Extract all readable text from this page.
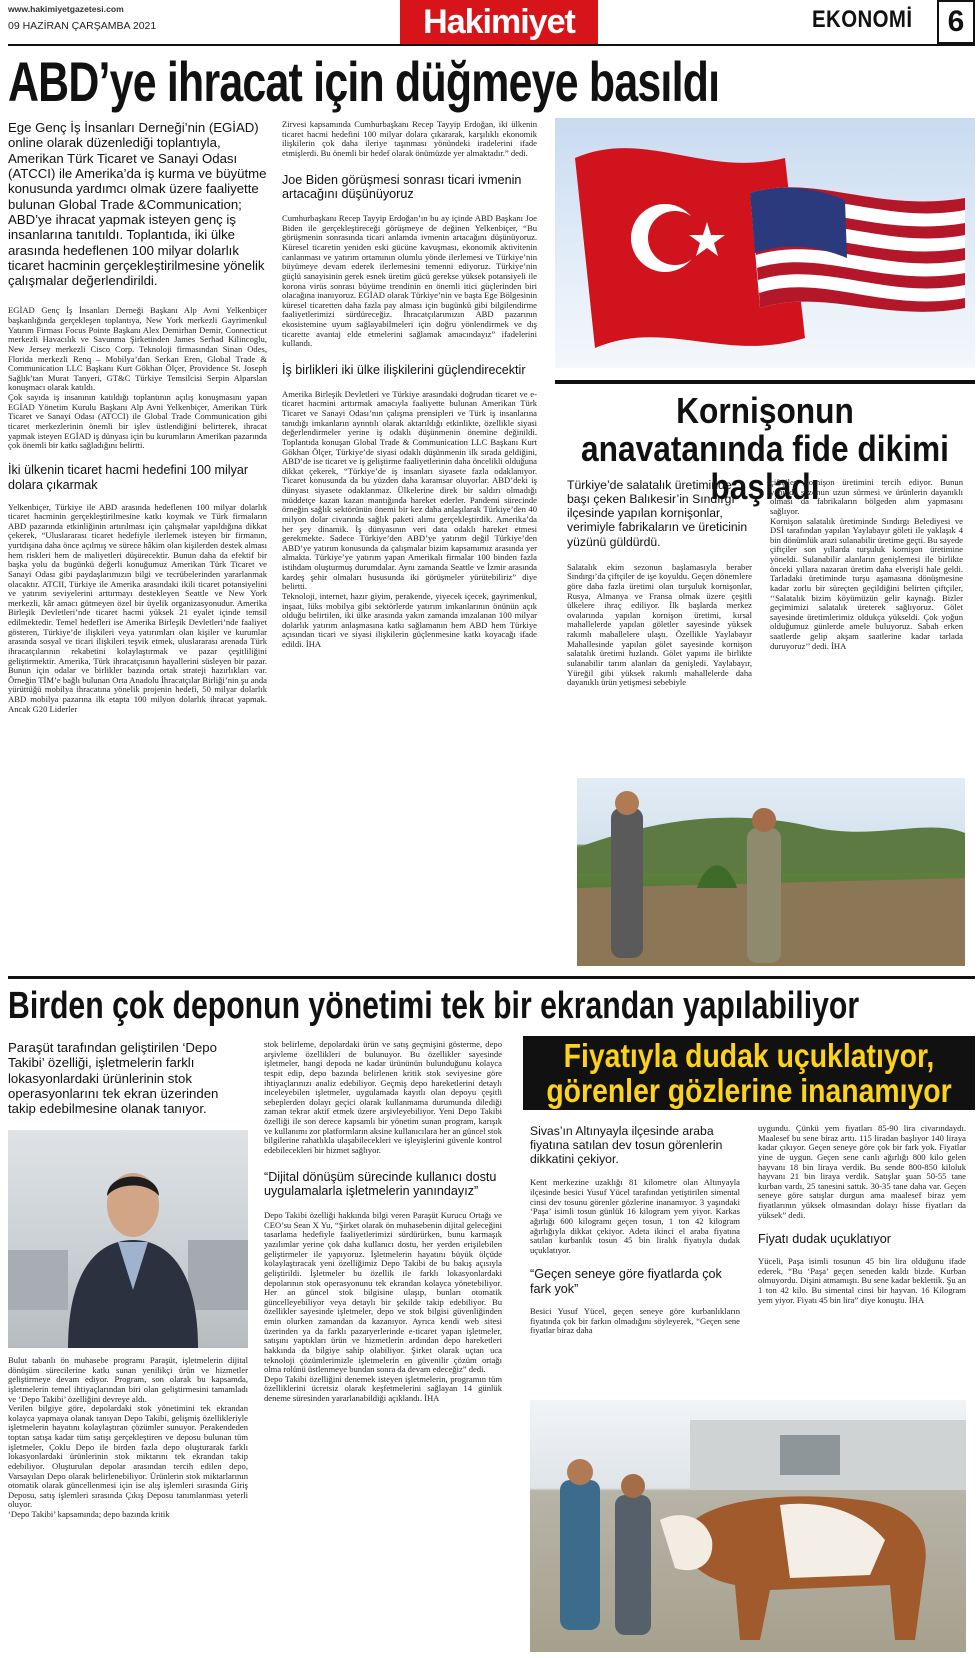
www.hakimiyetgazetesi.com
09 HAZİRAN ÇARŞAMBA 2021	Hakimiyet	EKONOMİ	6
ABD’ye ihracat için düğmeye basıldı

Ege Genç İş İnsanları Derneği’nin (EGİAD) online olarak düzenlediği toplantıyla, Amerikan Türk Ticaret ve Sanayi Odası (ATCCI) ile Amerika’da iş kurma ve büyütme konusunda yardımcı olmak üzere faaliyette bulunan Global Trade &Communication; ABD’ye ihracat yapmak isteyen genç iş insanlarına tanıtıldı. Toplantıda, iki ülke arasında hedeflenen 100 milyar dolarlık ticaret hacminin gerçekleştirilmesine yönelik çalışmalar değerlendirildi.

EGİAD Genç İş İnsanları Derneği Başkanı Alp Avni Yelkenbiçer başkanlığında gerçekleşen toplantıya, New York merkezli Gayrimenkul Yatırım Firması Focus Pointe Başkanı Alex Demirhan Demir, Connecticut merkezli Havacılık ve Savunma Şirketinden James Serhad Kilincoglu, New Jersey merkezli Cisco Corp. Teknoloji firmasından Sinan Odes, Florida merkezli Renq – Mobilya’dan Serkan Eren, Global Trade & Communication LLC Başkanı Kurt Gökhan Ölçer, Providence St. Joseph Sağlık’tan Murat Tanyeri, GT&C Türkiye Temsilcisi Serpin Alparslan konuşmacı olarak katıldı.

Çok sayıda iş insanının katıldığı toplantının açılış konuşmasını yapan EGİAD Yönetim Kurulu Başkanı Alp Avni Yelkenbiçer, Amerikan Türk Ticaret ve Sanayi Odası (ATCCI) ile Global Trade Communication gibi ticaret merkezlerinin önemli bir işlev üstlendiğini belirterek, ihracat yapmak isteyen EGİAD iş dünyası için bu kurumların Amerikan pazarında çok önemli bir katkı sağladığını belirtti.

İki ülkenin ticaret hacmi hedefini 100 milyar dolara çıkarmak

Yelkenbiçer, Türkiye ile ABD arasında hedeflenen 100 milyar dolarlık ticaret hacminin gerçekleştirilmesine katkı koymak ve Türk firmaların ABD pazarında etkinliğinin artırılması için çalışmalar yapıldığına dikkat çekerek, “Uluslararası ticaret hedefiyle ilerlemek isteyen bir firmanın, yurtdışına daha önce açılmış ve sürece hâkim olan kişilerden destek alması hem riskleri hem de maliyetleri düşürecektir. Bunun daha da efektif bir başka yolu da bugünkü değerli konuğumuz Amerikan Türk Ticaret ve Sanayi Odası gibi paydaşlarımızın bilgi ve tecrübelerinden yararlanmak olacaktır. ATCII, Türkiye ile Amerika arasındaki ikili ticaret potansiyelini ve yatırım seviyelerini arttırmayı destekleyen Seattle ve New York merkezli, kâr amacı gütmeyen özel bir üyelik organizasyonudur. Amerika Birleşik Devletleri’nde ticaret hacmi yüksek 21 eyalet içinde temsil edilmektedir. Temel hedefleri ise Amerika Birleşik Devletleri’nde faaliyet gösteren, Türkiye’de ilişkileri veya yatırımları olan kişiler ve kurumlar arasında sosyal ve ticari ilişkileri teşvik etmek, uluslararası arenada Türk ihracatçılarının rekabetini kolaylaştırmak ve pazar çeşitliliğini geliştirmektir. Amerika, Türk ihracatçısının hayallerini süsleyen bir pazar. Bunun için odalar ve birlikler bazında ortak strateji hazırlıkları var. Örneğin TİM’e bağlı bulunan Orta Anadolu İhracatçılar Birliği’nin şu anda yürüttüğü mobilya ihracatına yönelik projenin hedefi, 50 milyar dolarlık ABD mobilya pazarına ilk etapta 100 milyon dolarlık ihracat yapmak. Ancak G20 Liderler

Zirvesi kapsamında Cumhurbaşkanı Recep Tayyip Erdoğan, iki ülkenin ticaret hacmi hedefini 100 milyar dolara çıkararak, karşılıklı ekonomik ilişkilerin çok daha ileriye taşınması yönündeki iradelerini ifade etmişlerdi. Bu önemli bir hedef olarak önümüzde yer almaktadır.” dedi.

Joe Biden görüşmesi sonrası ticari ivmenin artacağını düşünüyoruz

Cumhurbaşkanı Recep Tayyip Erdoğan’ın bu ay içinde ABD Başkanı Joe Biden ile gerçekleştireceği görüşmeye de değinen Yelkenbiçer, “Bu görüşmenin sonrasında ticari anlamda ivmenin artacağını düşünüyoruz. Küresel ticaretin yeniden eski gücüne kavuşması, ekonomik aktivitenin canlanması ve yatırım ortamının olumlu yönde ilerlemesi ve Türkiye’nin büyümeye devam ederek ilerlemesini temenni ediyoruz. Türkiye’nin güçlü sanayisinin gerek esnek üretim gücü gerekse yüksek potansiyeli ile korona virüs sonrası büyüme trendinin en önemli itici güçlerinden biri olacağına inanıyoruz. EGİAD olarak Türkiye’nin ve başta Ege Bölgesinin küresel ticaretten daha fazla pay alması için bugünkü gibi bilgilendirme faaliyetlerimizi sürdüreceğiz. İhracatçılarımızın ABD pazarının ekosistemine uyum sağlayabilmeleri için doğru yönlendirmek ve dış ticarette avantaj elde etmelerini sağlamak amacındayız” ifadelerini kullandı.

İş birlikleri iki ülke ilişkilerini güçlendirecektir

Amerika Birleşik Devletleri ve Türkiye arasındaki doğrudan ticaret ve e-ticaret hacmini arttırmak amacıyla faaliyette bulunan Amerikan Türk Ticaret ve Sanayi Odası’nın çalışma prensipleri ve Türk iş insanlarına tanıdığı imkanların aynntılı olarak aktarıldığı etkinlikte, özellikle siyasi değerlendirmeler yerine iş odaklı düşünmenin önemine değinildi. Toplantıda konuşan Global Trade & Communication LLC Başkanı Kurt Gökhan Ölçer, Türkiye’de siyasi odaklı düşünmenin ilk sırada geldiğini, ABD’de ise ticaret ve iş geliştirme faaliyetlerinin daha öncelikli olduğuna dikkat çekerek, “Türkiye’de iş insanları siyasete fazla odaklanıyor. Ticaret konusunda da bu yüzden daha karamsar oluyorlar. ABD’deki iş dünyası siyasete odaklanmaz. Ülkelerine direk bir saldırı olmadığı müddetçe kazan kazan mantığında hareket ederler. Pandemi sürecinde örneğin sağlık sektörünün önemi bir kez daha anlaşılarak Türkiye’den 40 milyon dolar civarında sağlık paketi alımı gerçekleştirdik. Amerika’da her şey dinamik. İş dünyasının veri data odaklı hareket etmesi gerekmekte. Sadece Türkiye’den ABD’ye yatırım değil Türkiye’den ABD’ye yatırım konusunda da çalışmalar bizim kapsamımız arasında yer almakta. Türkiye’ye yatırım yapan Amerikalı firmalar 100 binden fazla istihdam oluşturmuş durumdalar. Aynı zamanda Seattle ve İzmir arasında kardeş şehir olmaları hususunda iki görüşmeler yürütebiliriz” diye belirtti.

Teknoloji, internet, hazır giyim, perakende, yiyecek içecek, gayrimenkul, inşaat, lüks mobilya gibi sektörlerde yatırım imkanlarının önünün açık olduğu belirtilen, iki ülke arasında yakın zamanda imzalanan 100 milyar dolarlık yatırım anlaşmasına katkı sağlamanın hem ABD hem Türkiye açısından ticari ve siyasi ilişkilerin güçlenmesine katkı koyacağı ifade edildi. İHA

Kornişonun anavatanında fide dikimi başladı

Türkiye’de salatalık üretiminde başı çeken Balıkesir’in Sındırgı ilçesinde yapılan kornişonlar, verimiyle fabrikaların ve üreticinin yüzünü güldürdü.

Salatalık ekim sezonun başlamasıyla beraber Sındırgı’da çiftçiler de işe koyuldu. Geçen dönemlere göre daha fazla üretimi olan turşuluk kornişonlar, Rusya, Almanya ve Fransa olmak üzere çeşitli ülkelere ihraç ediliyor. İlk başlarda merkez ovalarında yapılan kornişon üretimi, kırsal mahallelerde yapılan göletler sayesinde yüksek rakımlı mahallelere ulaştı. Özellikle Yaylabayır Mahallesinde yapılan gölet sayesinde kornişon salatalık üretimi hızlandı. Gölet yapımı ile birlikte sulanabilir tarım alanları da genişledi. Yaylabayır, Yüreğil gibi yüksek rakımlı mahallelerde daha dayanıklı ürün yetişmesi sebebiyle

çiftçiler kornişon üretimini tercih ediyor. Bunun yanında sezonun uzun sürmesi ve ürünlerin dayanıklı olması da fabrikaların bölgeden alım yapmasını sağlıyor.

Kornişon salatalık üretiminde Sındırgı Belediyesi ve DSİ tarafından yapılan Yaylabayır göleti ile yaklaşık 4 bin dönümlük arazi sulanabilir üretime geçti. Bu sayede çiftçiler son yıllarda turşuluk kornişon üretimine yöneldi. Sulanabilir alanların genişlemesi ile birlikte önceki yıllara nazaran üretim daha elverişli hale geldi. Tarladaki üretiminde turşu aşamasına dönüşmesine kadar zorlu bir süreçten geçildiğini belirten çiftçiler, ‘‘Salatalık bizim köyümüzün gelir kaynağı. Bizler geçimimizi salatalık üreterek sağlıyoruz. Gölet sayesinde üretimlerimiz oldukça yükseldi. Çok yoğun olduğumuz günlerde amele buluyoruz. Sabah erken saatlerde gelip akşam saatlerine kadar tarlada duruyoruz’’ dedi. İHA

Birden çok deponun yönetimi tek bir ekrandan yapılabiliyor

Paraşüt tarafından geliştirilen ‘Depo Takibi’ özelliği, işletmelerin farklı lokasyonlardaki ürünlerinin stok operasyonlarını tek ekran üzerinden takip edebilmesine olanak tanıyor.

Bulut tabanlı ön muhasebe programı Paraşüt, işletmelerin dijital dönüşüm sürecilerine katkı sunan yenilikçi ürün ve hizmetler geliştirmeye devam ediyor. Program, son olarak bu kapsamda, işletmelerin temel ihtiyaçlarından biri olan geliştirmesini tamamladı ve ‘Depo Takibi’ özelliğini devreye aldı.

Verilen bilgiye göre, depolardaki stok yönetimini tek ekrandan kolayca yapmaya olanak tanıyan Depo Takibi, gelişmiş özellikleriyle işletmelerin hayatını kolaylaştıran çözümler sunuyor. Perakendeden toptan satışa kadar tüm satışı gerçekleştiren ve deposu bulunan tüm işletmeler, Çoklu Depo ile birden fazla depo oluşturarak farklı lokasyonlardaki ürünlerinin stok miktarını tek ekrandan takip edebiliyor. Oluşturulan depolar arasından tercih edilen depo, Varsayılan Depo olarak belirlenebiliyor. Ürünlerin stok miktarlarının otomatik olarak güncellenmesi için ise alış işlemleri sırasında Giriş Deposu, satış işlemleri sırasında Çıkış Deposu tanımlanması yeterli oluyor.

‘Depo Takibi’ kapsamında; depo bazında kritik

stok belirleme, depolardaki ürün ve satış geçmişini gösterme, depo arşivleme özellikleri de bulunuyor. Bu özellikler sayesinde işletmeler, hangi depoda ne kadar ürününün bulunduğunu kolayca tespit edip, depo bazında belirlenen kritik stok seviyesine göre ihtiyaçlarınızı analiz edebiliyor. Geçmiş depo hareketlerini detaylı inceleyebilen işletmeler, uygulamada kayıtlı olan depoyu çeşitli sebeplerden dolayı geçici olarak kullanmama durumunda dilediği zaman tekrar aktif etmek üzere arşivleyebiliyor. Yeni Depo Takibi özelliği ile son derece kapsamlı bir yönetim sunan program, karışık ve kullanımı zor platformların aksine kullanıcılara her an güncel stok bilgilerine rahatlıkla ulaşabilecekleri ve işleyişlerini güvenle kontrol edebilecekleri bir hizmet sağlıyor.

“Dijital dönüşüm sürecinde kullanıcı dostu uygulamalarla işletmelerin yanındayız”

Depo Takibi özelliği hakkında bilgi veren Paraşüt Kurucu Ortağı ve CEO’su Sean X Yu, “Şirket olarak ön muhasebenin dijital geleceğini tasarlama hedefiyle faaliyetlerimizi sürdürürken, bunu karmaşık yazılımlar yerine çok daha kullanıcı dostu, her yerden erişilebilen geliştirmeler ile yapıyoruz. İşletmelerin hayatını büyük ölçüde kolaylaştıracak yeni özelliğimiz Depo Takibi de bu bakış açısıyla geliştirildi. İşletmeler bu özellik ile farklı lokasyonlardaki depolarının stok operasyonunu tek ekrandan kolayca yönetebiliyor. Her an güncel stok bilgisine ulaşıp, bunları otomatik güncelleyebiliyor veya detaylı bir şekilde takip edebiliyor. Bu özellikler sayesinde işletmeler, depo ve stok bilgisi güvenliğinden emin olurken zamandan da kazanıyor. Ayrıca kendi web sitesi üzerinden ya da farklı pazaryerlerinde e-ticaret yapan işletmeler, satışını yaptıkları ürün ve hizmetlerin ardından depo hareketleri hakkında da bilgiye sahip olabiliyor. Şirket olarak uçtan uca teknoloji çözümlerimizle işletmelerin en güvenilir çözüm ortağı olma rolünü üstlenmeye bundan sonra da devam edeceğiz” dedi.

Depo Takibi özelliğini denemek isteyen işletmelerin, programın tüm özelliklerini ücretsiz olarak keşfetmelerini sağlayan 14 günlük deneme süresinden yararlanabildiği açıklandı. İHA

Fiyatıyla dudak uçuklatıyor, görenler gözlerine inanamıyor

Sivas’ın Altınyayla ilçesinde araba fiyatına satılan dev tosun görenlerin dikkatini çekiyor.

Kent merkezine uzaklığı 81 kilometre olan Altınyayla ilçesinde besici Yusuf Yücel tarafından yetiştirilen simental cinsi dev tosunu görenler gözlerine inanamıyor. 3 yaşındaki ‘Paşa’ isimli tosun günlük 16 kilogram yem yiyor. Karkas ağırlığı 600 kilogramı geçen tosun, 1 ton 42 kilogram ağırlığıyla dikkat çekiyor. Adeta ikinci el araba fiyatına satılan kurbanlık tosun 45 bin liralık fiyatıyla dudak uçuklatıyor.

“Geçen seneye göre fiyatlarda çok fark yok”

Besici Yusuf Yücel, geçen seneye göre kurbanlıkların fiyatında çok bir farkın olmadığını söyleyerek, “Geçen sene fiyatlar biraz daha

uygundu. Çünkü yem fiyatları 85-90 lira civarındaydı. Maalesef bu sene biraz arttı. 115 liradan başlıyor 140 liraya kadar çıkıyor. Geçen seneye göre çok bir fark yok. Fiyatlar yine de uygun. Geçen sene canlı ağırlığı 800 kilo gelen hayvanı 18 bin liraya verdik. Bu sende 800-850 kiloluk hayvanı 21 bin liraya verdik. Satışlar şuan 50-55 tane kurban vardı, 25 tanesini sattık. 30-35 tane daha var. Geçen seneye göre satışlar durgun ama maalesef biraz yem fiyatlarının yüksek olmasından dolayı hisse fiyatları da yüksek” dedi.

Fiyatı dudak uçuklatıyor

Yüceli, Paşa isimli tosunun 45 bin lira olduğunu ifade ederek, “Bu ‘Paşa’ geçen seneden kaldı bizde. Kurban olmuyordu. Dişini atmamıştı. Bu sene kadar beklettik. Şu an 1 ton 42 kilo. Bu simental cinsi bir hayvan. 16 Kilogram yem yiyor. Fiyatı 45 bin lira” diye konuştu. İHA
